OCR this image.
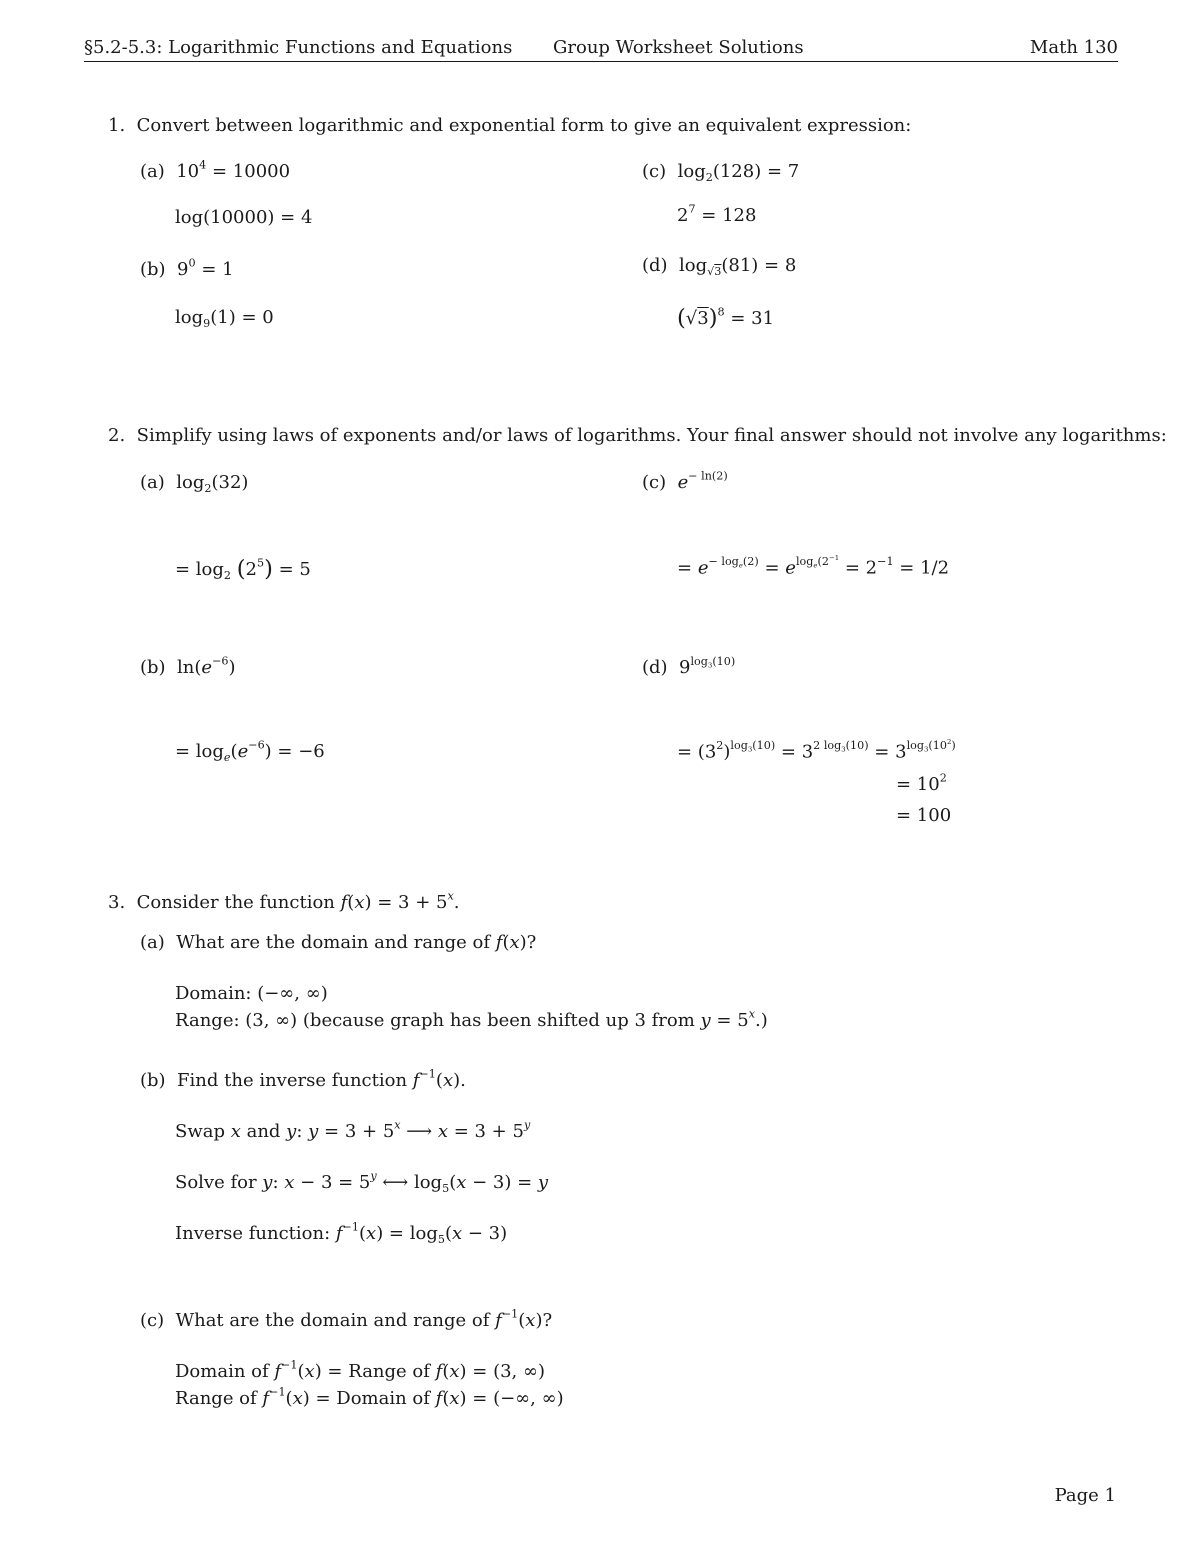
§5.2-5.3: Logarithmic Functions and Equations Group Worksheet Solutions	Math 130
1. Convert between logarithmic and exponential form to give an equivalent expression:
(a) $10^4 = 10000$
log(10000) = 4
(c) $\log_2(128) = 7$
$2^7 = 128$
(b) $9^0 = 1$
$\log_9(1) = 0$
(d) $\log_{√3}(81) = 8$
$(√3)^8 = 31$
2. Simplify using laws of exponents and/or laws of logarithms. Your final answer should not involve any logarithms:
(a) $\log_2(32)$
= $\log_2 (2^5) = 5$
(c) $e^{- ln(2)}$
= $e^{- log_e(2)} = e^{log_e(2^{-1}} = 2^{-1} = 1/2$
(b) $\ln(e^{-6})$
= $\log_e(e^{-6}) = -6$
(d) $9^{log_3(10)}$
= $(3^2)^{log_3(10)} = 3^{2 log_3(10)} = 3^{log_3(10^2)}$
= $10^2$
= 100
3. Consider the function $f(x) = 3 + 5^x$.
(a) What are the domain and range of f(x)?
Domain: (−∞, ∞)
Range: (3, ∞) (because graph has been shifted up 3 from $y = 5^x$.)
(b) Find the inverse function $f^{-1}(x)$.
Swap x and y: $y = 3 + 5^x$ ⟶ $x = 3 + 5^y$
Solve for y: $x - 3 = 5^y$ ⟷ $\log_5(x - 3) = y$
Inverse function: $f^{-1}(x) = \log_5(x - 3)$
(c) What are the domain and range of $f^{-1}(x)$?
Domain of $f^{-1}(x)$ = Range of f(x) = (3, ∞)
Range of $f^{-1}(x)$ = Domain of f(x) = (−∞, ∞)
Page 1
